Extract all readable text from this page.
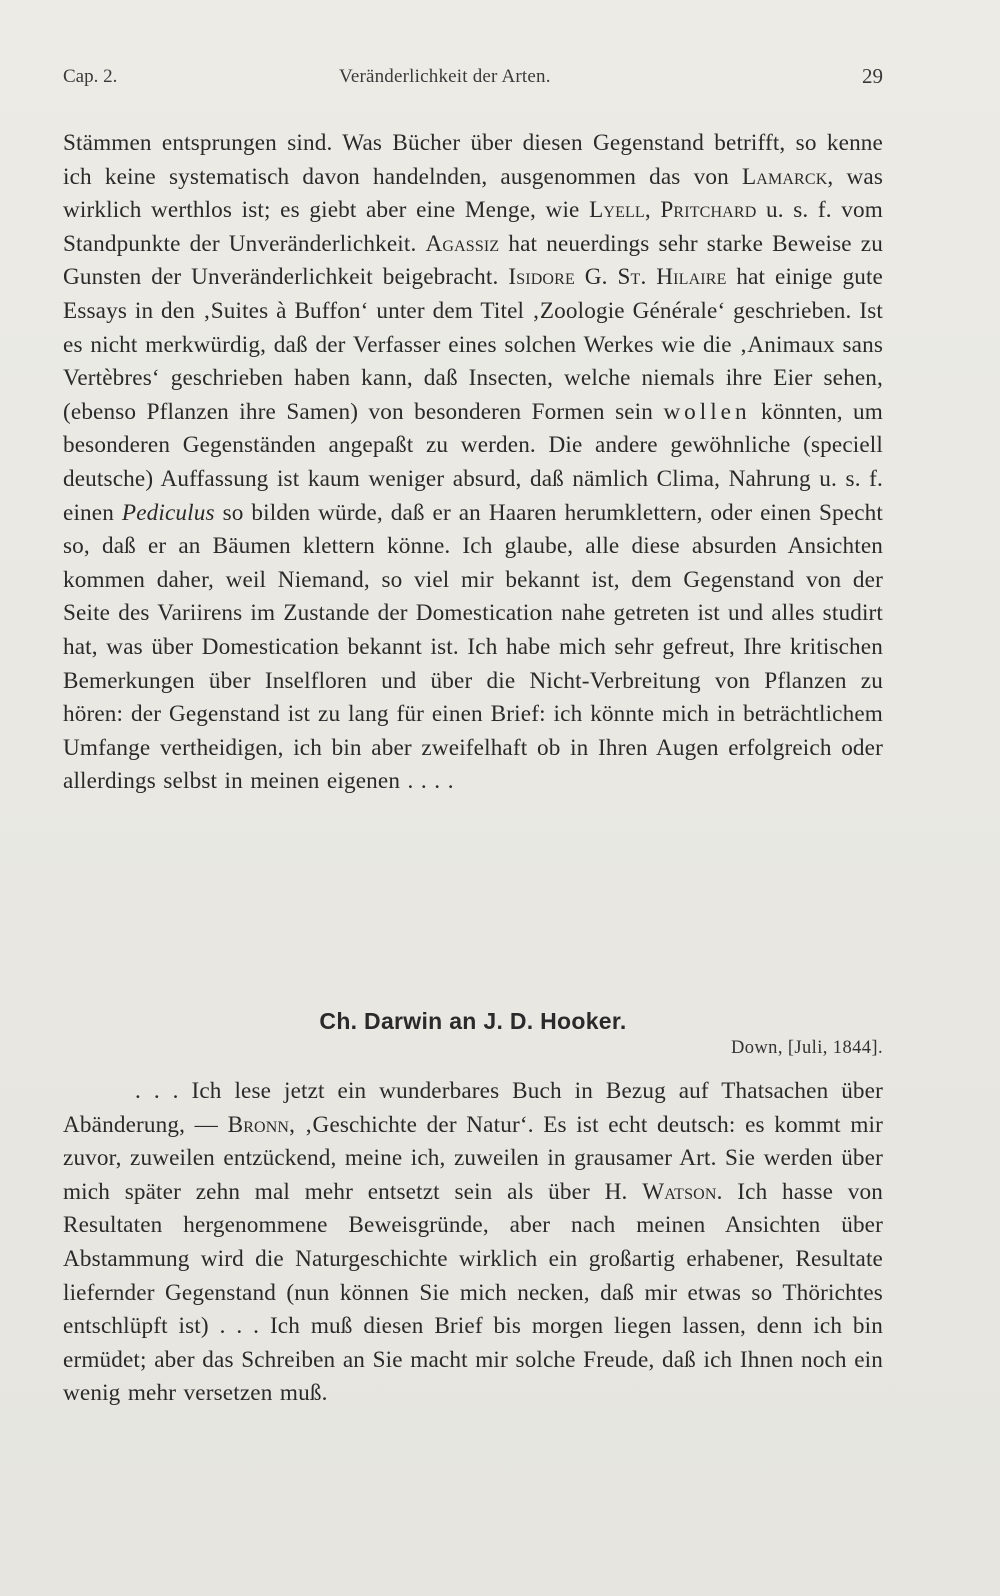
Cap. 2.	Veränderlichkeit der Arten.	29

Stämmen entsprungen sind. Was Bücher über diesen Gegenstand betrifft, so kenne ich keine systematisch davon handelnden, ausgenommen das von Lamarck, was wirklich werthlos ist; es giebt aber eine Menge, wie Lyell, Pritchard u. s. f. vom Standpunkte der Unveränderlichkeit. Agassiz hat neuerdings sehr starke Beweise zu Gunsten der Unveränderlichkeit beigebracht. Isidore G. St. Hilaire hat einige gute Essays in den ‚Suites à Buffon‘ unter dem Titel ‚Zoologie Générale‘ geschrieben. Ist es nicht merkwürdig, daß der Verfasser eines solchen Werkes wie die ‚Animaux sans Vertèbres‘ geschrieben haben kann, daß Insecten, welche niemals ihre Eier sehen, (ebenso Pflanzen ihre Samen) von besonderen Formen sein wollen könnten, um besonderen Gegenständen angepaßt zu werden. Die andere gewöhnliche (speciell deutsche) Auffassung ist kaum weniger absurd, daß nämlich Clima, Nahrung u. s. f. einen Pediculus so bilden würde, daß er an Haaren herumklettern, oder einen Specht so, daß er an Bäumen klettern könne. Ich glaube, alle diese absurden Ansichten kommen daher, weil Niemand, so viel mir bekannt ist, dem Gegenstand von der Seite des Variirens im Zustande der Domestication nahe getreten ist und alles studirt hat, was über Domestication bekannt ist. Ich habe mich sehr gefreut, Ihre kritischen Bemerkungen über Inselfloren und über die Nicht-Verbreitung von Pflanzen zu hören: der Gegenstand ist zu lang für einen Brief: ich könnte mich in beträchtlichem Umfange vertheidigen, ich bin aber zweifelhaft ob in Ihren Augen erfolgreich oder allerdings selbst in meinen eigenen . . . .

Ch. Darwin an J. D. Hooker.
Down, [Juli, 1844].

. . . Ich lese jetzt ein wunderbares Buch in Bezug auf Thatsachen über Abänderung, — Bronn, ‚Geschichte der Natur‘. Es ist echt deutsch: es kommt mir zuvor, zuweilen entzückend, meine ich, zuweilen in grausamer Art. Sie werden über mich später zehn mal mehr entsetzt sein als über H. Watson. Ich hasse von Resultaten hergenommene Beweisgründe, aber nach meinen Ansichten über Abstammung wird die Naturgeschichte wirklich ein großartig erhabener, Resultate liefernder Gegenstand (nun können Sie mich necken, daß mir etwas so Thörichtes entschlüpft ist) . . . Ich muß diesen Brief bis morgen liegen lassen, denn ich bin ermüdet; aber das Schreiben an Sie macht mir solche Freude, daß ich Ihnen noch ein wenig mehr versetzen muß.
